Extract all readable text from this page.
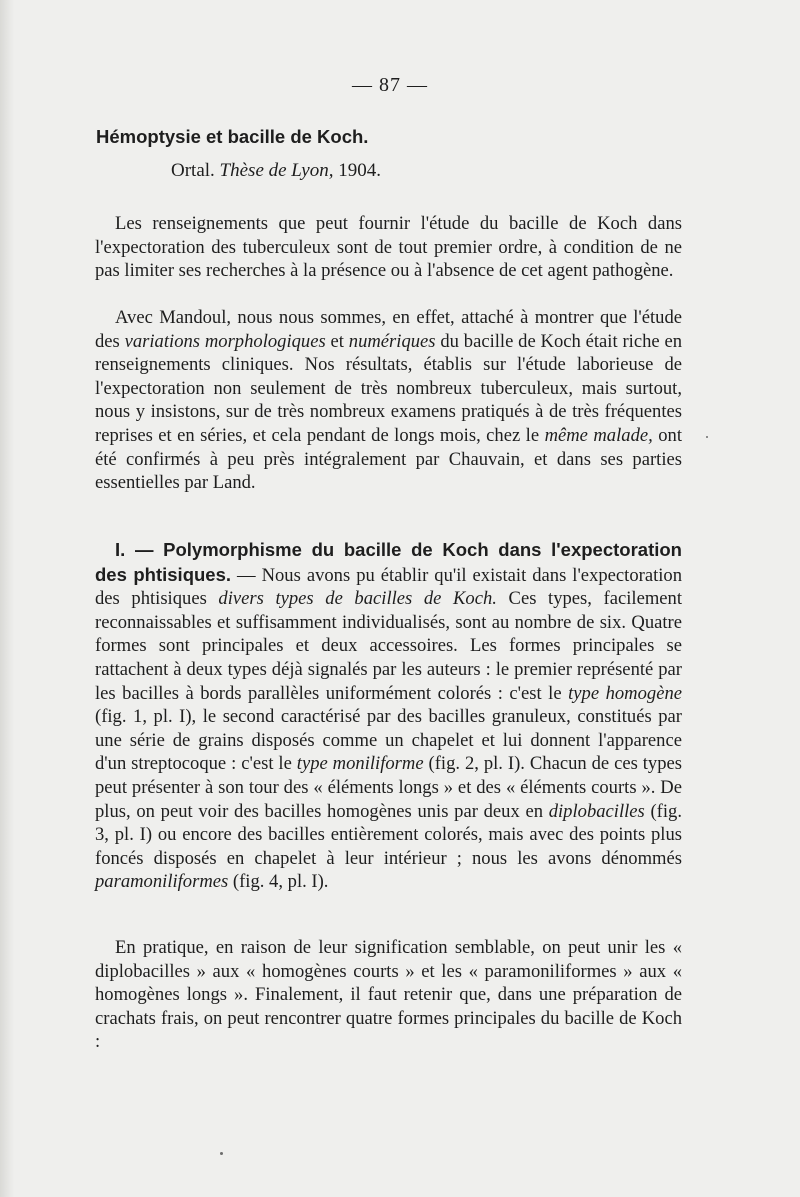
— 87 —
Hémoptysie et bacille de Koch.
Ortal. Thèse de Lyon, 1904.

Les renseignements que peut fournir l'étude du bacille de Koch dans l'expectoration des tuberculeux sont de tout premier ordre, à condition de ne pas limiter ses recherches à la présence ou à l'absence de cet agent pathogène.

Avec Mandoul, nous nous sommes, en effet, attaché à montrer que l'étude des variations morphologiques et numériques du bacille de Koch était riche en renseignements cliniques. Nos résultats, établis sur l'étude laborieuse de l'expectoration non seulement de très nombreux tuberculeux, mais surtout, nous y insistons, sur de très nombreux examens pratiqués à de très fréquentes reprises et en séries, et cela pendant de longs mois, chez le même malade, ont été confirmés à peu près intégralement par Chauvain, et dans ses parties essentielles par Land.

I. — Polymorphisme du bacille de Koch dans l'expectoration des phtisiques. — Nous avons pu établir qu'il existait dans l'expectoration des phtisiques divers types de bacilles de Koch. Ces types, facilement reconnaissables et suffisamment individualisés, sont au nombre de six. Quatre formes sont principales et deux accessoires. Les formes principales se rattachent à deux types déjà signalés par les auteurs : le premier représenté par les bacilles à bords parallèles uniformément colorés : c'est le type homogène (fig. 1, pl. I), le second caractérisé par des bacilles granuleux, constitués par une série de grains disposés comme un chapelet et lui donnent l'apparence d'un streptocoque : c'est le type moniliforme (fig. 2, pl. I). Chacun de ces types peut présenter à son tour des « éléments longs » et des « éléments courts ». De plus, on peut voir des bacilles homogènes unis par deux en diplobacilles (fig. 3, pl. I) ou encore des bacilles entièrement colorés, mais avec des points plus foncés disposés en chapelet à leur intérieur ; nous les avons dénommés paramoniliformes (fig. 4, pl. I).

En pratique, en raison de leur signification semblable, on peut unir les « diplobacilles » aux « homogènes courts » et les « paramoniliformes » aux « homogènes longs ». Finalement, il faut retenir que, dans une préparation de crachats frais, on peut rencontrer quatre formes principales du bacille de Koch :
